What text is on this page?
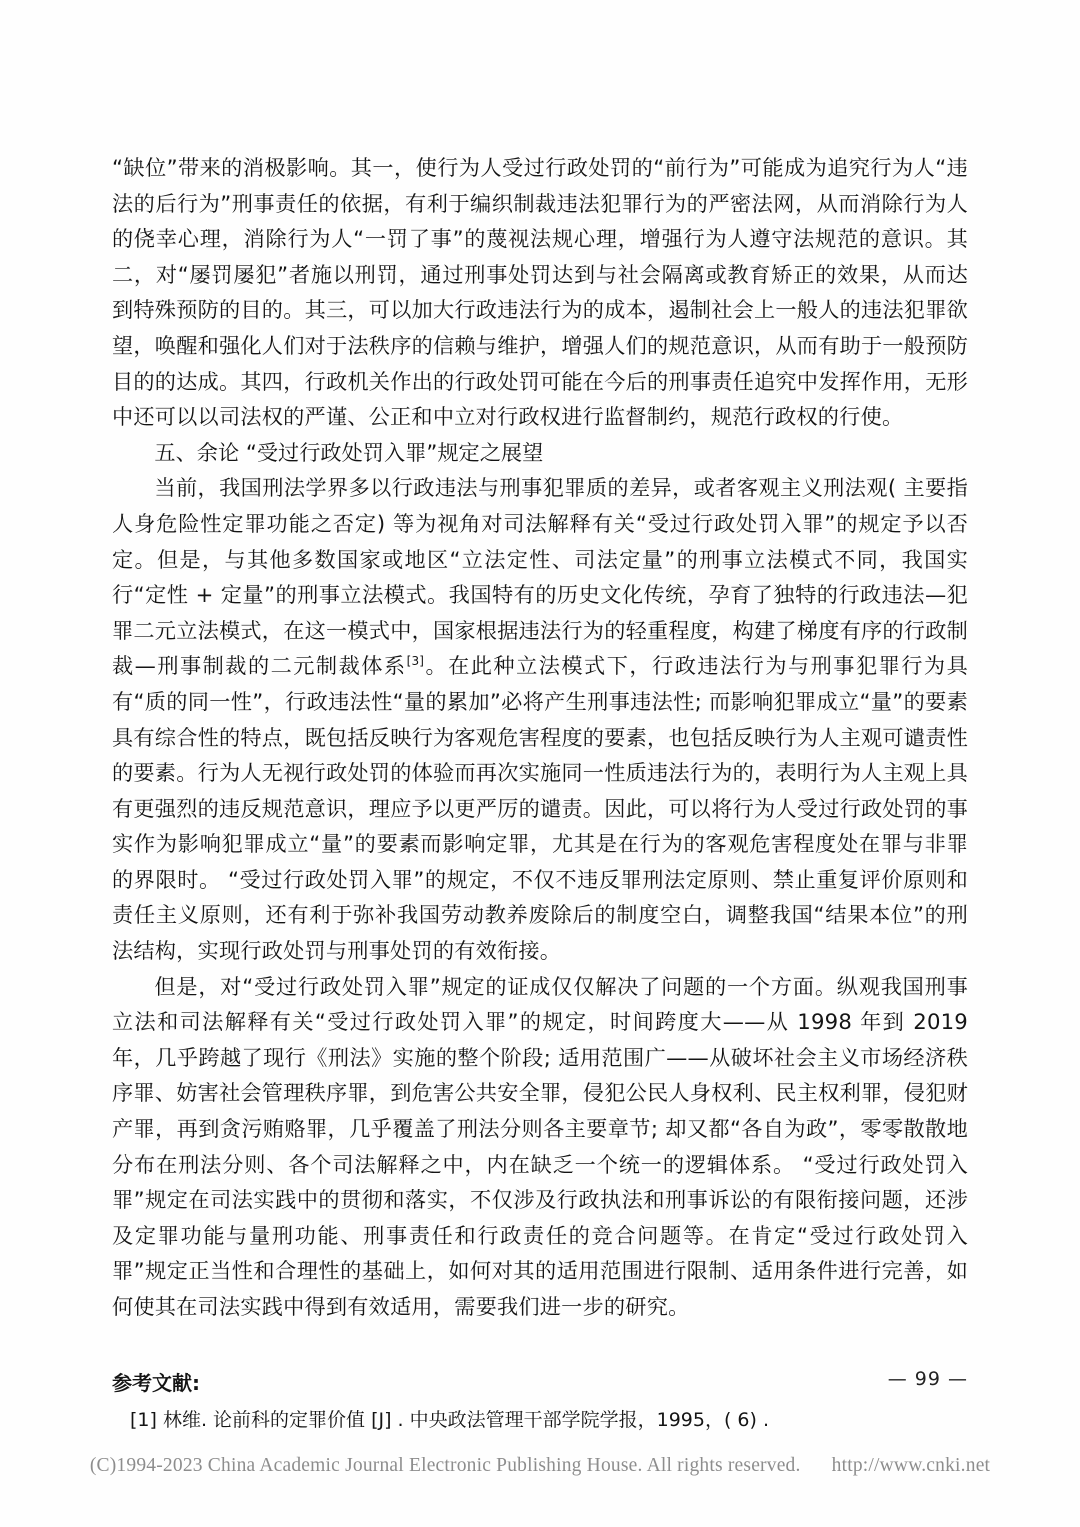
“缺位”带来的消极影响。其一，使行为人受过行政处罚的“前行为”可能成为追究行为人“违法的后行为”刑事责任的依据，有利于编织制裁违法犯罪行为的严密法网，从而消除行为人的侥幸心理，消除行为人“一罚了事”的蔑视法规心理，增强行为人遵守法规范的意识。其二，对“屡罚屡犯”者施以刑罚，通过刑事处罚达到与社会隔离或教育矫正的效果，从而达到特殊预防的目的。其三，可以加大行政违法行为的成本，遏制社会上一般人的违法犯罪欲望，唤醒和强化人们对于法秩序的信赖与维护，增强人们的规范意识，从而有助于一般预防目的的达成。其四，行政机关作出的行政处罚可能在今后的刑事责任追究中发挥作用，无形中还可以以司法权的严谨、公正和中立对行政权进行监督制约，规范行政权的行使。

五、余论 “受过行政处罚入罪”规定之展望

当前，我国刑法学界多以行政违法与刑事犯罪质的差异，或者客观主义刑法观( 主要指人身危险性定罪功能之否定) 等为视角对司法解释有关“受过行政处罚入罪”的规定予以否定。但是，与其他多数国家或地区“立法定性、司法定量”的刑事立法模式不同，我国实行“定性 + 定量”的刑事立法模式。我国特有的历史文化传统，孕育了独特的行政违法—犯罪二元立法模式，在这一模式中，国家根据违法行为的轻重程度，构建了梯度有序的行政制裁—刑事制裁的二元制裁体系[3]。在此种立法模式下，行政违法行为与刑事犯罪行为具有“质的同一性”，行政违法性“量的累加”必将产生刑事违法性; 而影响犯罪成立“量”的要素具有综合性的特点，既包括反映行为客观危害程度的要素，也包括反映行为人主观可谴责性的要素。行为人无视行政处罚的体验而再次实施同一性质违法行为的，表明行为人主观上具有更强烈的违反规范意识，理应予以更严厉的谴责。因此，可以将行为人受过行政处罚的事实作为影响犯罪成立“量”的要素而影响定罪，尤其是在行为的客观危害程度处在罪与非罪的界限时。 “受过行政处罚入罪”的规定，不仅不违反罪刑法定原则、禁止重复评价原则和责任主义原则，还有利于弥补我国劳动教养废除后的制度空白，调整我国“结果本位”的刑法结构，实现行政处罚与刑事处罚的有效衔接。

但是，对“受过行政处罚入罪”规定的证成仅仅解决了问题的一个方面。纵观我国刑事立法和司法解释有关“受过行政处罚入罪”的规定，时间跨度大——从 1998 年到 2019 年，几乎跨越了现行《刑法》实施的整个阶段; 适用范围广——从破坏社会主义市场经济秩序罪、妨害社会管理秩序罪，到危害公共安全罪，侵犯公民人身权利、民主权利罪，侵犯财产罪，再到贪污贿赂罪，几乎覆盖了刑法分则各主要章节; 却又都“各自为政”，零零散散地分布在刑法分则、各个司法解释之中，内在缺乏一个统一的逻辑体系。 “受过行政处罚入罪”规定在司法实践中的贯彻和落实，不仅涉及行政执法和刑事诉讼的有限衔接问题，还涉及定罪功能与量刑功能、刑事责任和行政责任的竞合问题等。在肯定“受过行政处罚入罪”规定正当性和合理性的基础上，如何对其的适用范围进行限制、适用条件进行完善，如何使其在司法实践中得到有效适用，需要我们进一步的研究。

参考文献:

[1] 林维. 论前科的定罪价值 [J] . 中央政法管理干部学院学报，1995，( 6) .

— 99 —
(C)1994-2023 China Academic Journal Electronic Publishing House. All rights reserved. http://www.cnki.net
